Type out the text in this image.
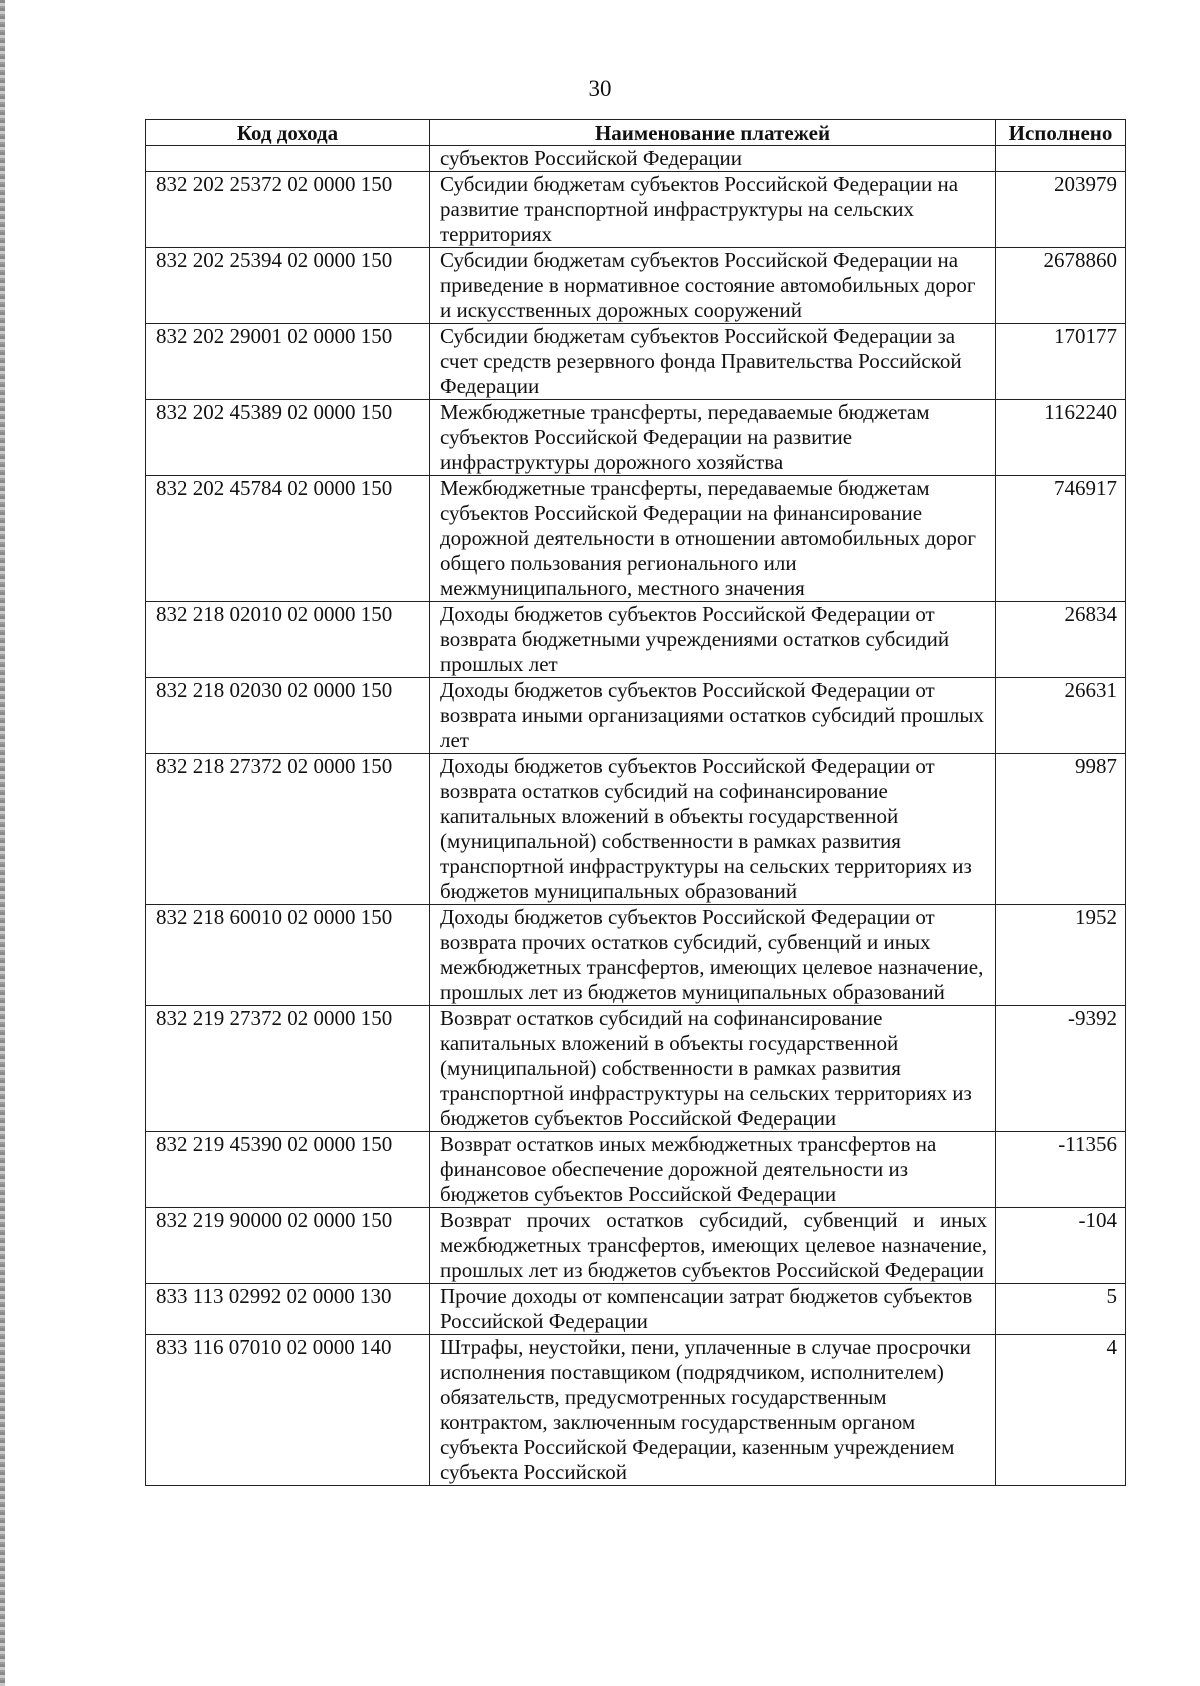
30
Код дохода	Наименование платежей	Исполнено
	субъектов Российской Федерации	
832 202 25372 02 0000 150	Субсидии бюджетам субъектов Российской Федерации на развитие транспортной инфраструктуры на сельских территориях	203979
832 202 25394 02 0000 150	Субсидии бюджетам субъектов Российской Федерации на приведение в нормативное состояние автомобильных дорог и искусственных дорожных сооружений	2678860
832 202 29001 02 0000 150	Субсидии бюджетам субъектов Российской Федерации за счет средств резервного фонда Правительства Российской Федерации	170177
832 202 45389 02 0000 150	Межбюджетные трансферты, передаваемые бюджетам субъектов Российской Федерации на развитие инфраструктуры дорожного хозяйства	1162240
832 202 45784 02 0000 150	Межбюджетные трансферты, передаваемые бюджетам субъектов Российской Федерации на финансирование дорожной деятельности в отношении автомобильных дорог общего пользования регионального или межмуниципального, местного значения	746917
832 218 02010 02 0000 150	Доходы бюджетов субъектов Российской Федерации от возврата бюджетными учреждениями остатков субсидий прошлых лет	26834
832 218 02030 02 0000 150	Доходы бюджетов субъектов Российской Федерации от возврата иными организациями остатков субсидий прошлых лет	26631
832 218 27372 02 0000 150	Доходы бюджетов субъектов Российской Федерации от возврата остатков субсидий на софинансирование капитальных вложений в объекты государственной (муниципальной) собственности в рамках развития транспортной инфраструктуры на сельских территориях из бюджетов муниципальных образований	9987
832 218 60010 02 0000 150	Доходы бюджетов субъектов Российской Федерации от возврата прочих остатков субсидий, субвенций и иных межбюджетных трансфертов, имеющих целевое назначение, прошлых лет из бюджетов муниципальных образований	1952
832 219 27372 02 0000 150	Возврат остатков субсидий на софинансирование капитальных вложений в объекты государственной (муниципальной) собственности в рамках развития транспортной инфраструктуры на сельских территориях из бюджетов субъектов Российской Федерации	-9392
832 219 45390 02 0000 150	Возврат остатков иных межбюджетных трансфертов на финансовое обеспечение дорожной деятельности из бюджетов субъектов Российской Федерации	-11356
832 219 90000 02 0000 150	Возврат прочих остатков субсидий, субвенций и иных межбюджетных трансфертов, имеющих целевое назначение, прошлых лет из бюджетов субъектов Российской Федерации	-104
833 113 02992 02 0000 130	Прочие доходы от компенсации затрат бюджетов субъектов Российской Федерации	5
833 116 07010 02 0000 140	Штрафы, неустойки, пени, уплаченные в случае просрочки исполнения поставщиком (подрядчиком, исполнителем) обязательств, предусмотренных государственным контрактом, заключенным государственным органом субъекта Российской Федерации, казенным учреждением субъекта Российской	4
